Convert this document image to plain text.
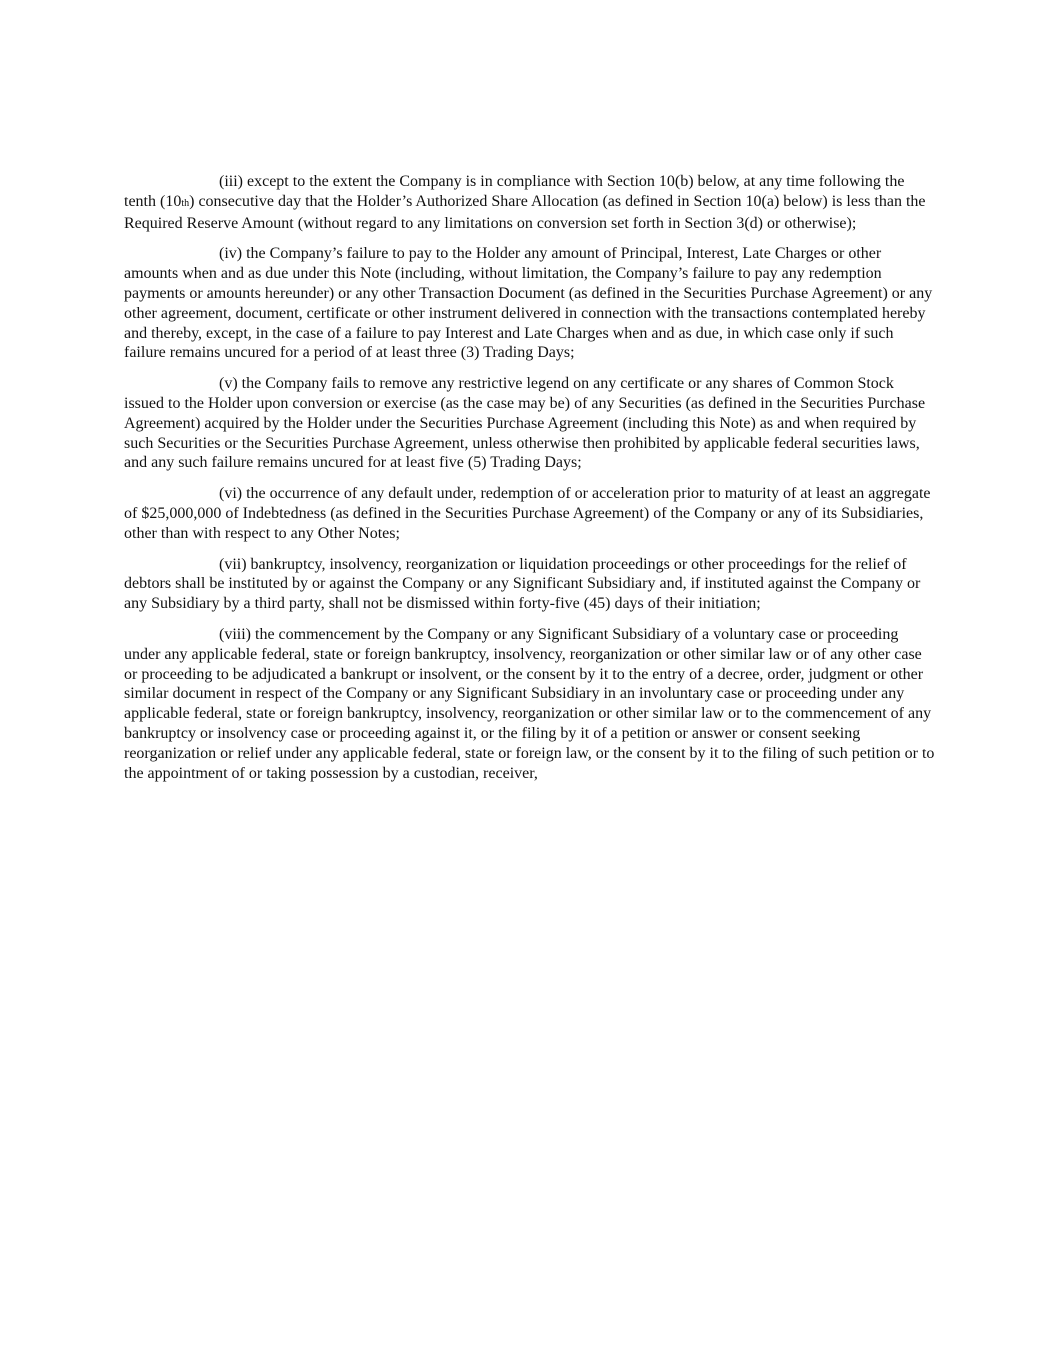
(iii) except to the extent the Company is in compliance with Section 10(b) below, at any time following the tenth (10th) consecutive day that the Holder’s Authorized Share Allocation (as defined in Section 10(a) below) is less than the Required Reserve Amount (without regard to any limitations on conversion set forth in Section 3(d) or otherwise);

(iv) the Company’s failure to pay to the Holder any amount of Principal, Interest, Late Charges or other amounts when and as due under this Note (including, without limitation, the Company’s failure to pay any redemption payments or amounts hereunder) or any other Transaction Document (as defined in the Securities Purchase Agreement) or any other agreement, document, certificate or other instrument delivered in connection with the transactions contemplated hereby and thereby, except, in the case of a failure to pay Interest and Late Charges when and as due, in which case only if such failure remains uncured for a period of at least three (3) Trading Days;

(v) the Company fails to remove any restrictive legend on any certificate or any shares of Common Stock issued to the Holder upon conversion or exercise (as the case may be) of any Securities (as defined in the Securities Purchase Agreement) acquired by the Holder under the Securities Purchase Agreement (including this Note) as and when required by such Securities or the Securities Purchase Agreement, unless otherwise then prohibited by applicable federal securities laws, and any such failure remains uncured for at least five (5) Trading Days;

(vi) the occurrence of any default under, redemption of or acceleration prior to maturity of at least an aggregate of $25,000,000 of Indebtedness (as defined in the Securities Purchase Agreement) of the Company or any of its Subsidiaries, other than with respect to any Other Notes;

(vii) bankruptcy, insolvency, reorganization or liquidation proceedings or other proceedings for the relief of debtors shall be instituted by or against the Company or any Significant Subsidiary and, if instituted against the Company or any Subsidiary by a third party, shall not be dismissed within forty-five (45) days of their initiation;

(viii) the commencement by the Company or any Significant Subsidiary of a voluntary case or proceeding under any applicable federal, state or foreign bankruptcy, insolvency, reorganization or other similar law or of any other case or proceeding to be adjudicated a bankrupt or insolvent, or the consent by it to the entry of a decree, order, judgment or other similar document in respect of the Company or any Significant Subsidiary in an involuntary case or proceeding under any applicable federal, state or foreign bankruptcy, insolvency, reorganization or other similar law or to the commencement of any bankruptcy or insolvency case or proceeding against it, or the filing by it of a petition or answer or consent seeking reorganization or relief under any applicable federal, state or foreign law, or the consent by it to the filing of such petition or to the appointment of or taking possession by a custodian, receiver,
